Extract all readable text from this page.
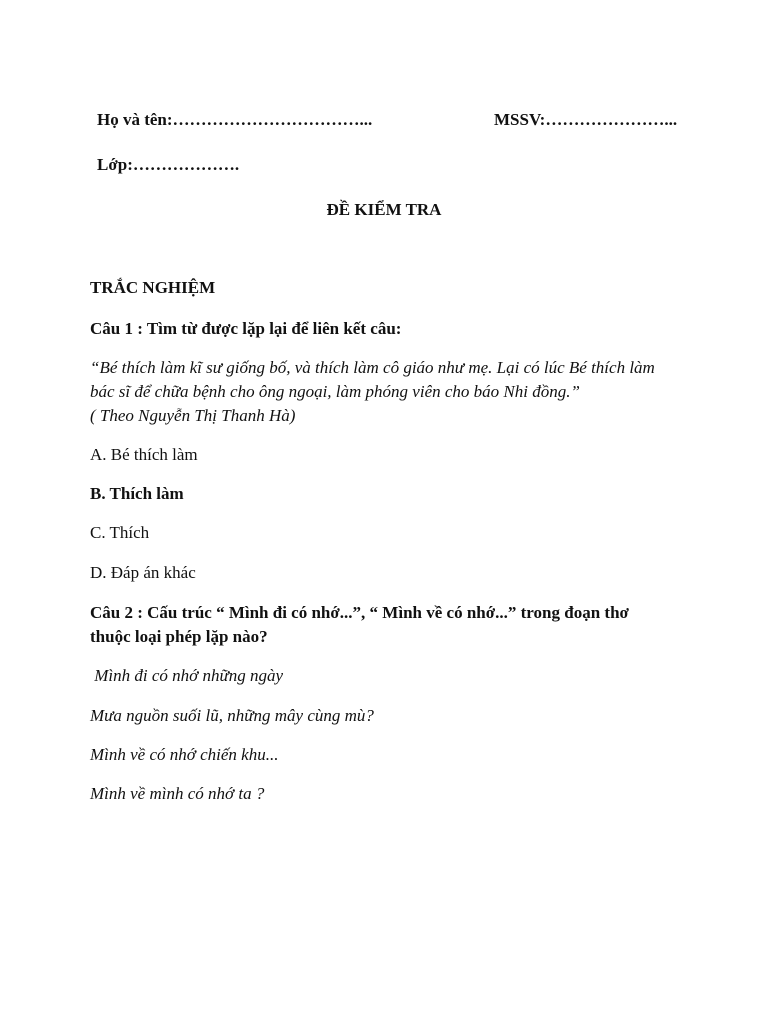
Họ và tên:……………………………...	MSSV:…………………...
Lớp:……………….
ĐỀ KIỂM TRA
TRẮC NGHIỆM
Câu 1 : Tìm từ được lặp lại để liên kết câu:
“Bé thích làm kĩ sư giống bố, và thích làm cô giáo như mẹ. Lại có lúc Bé thích làm
bác sĩ để chữa bệnh cho ông ngoại, làm phóng viên cho báo Nhi đồng.”
( Theo Nguyễn Thị Thanh Hà)
A. Bé thích làm
B. Thích làm
C. Thích
D. Đáp án khác
Câu 2 : Cấu trúc “ Mình đi có nhớ...”, “ Mình về có nhớ...” trong đoạn thơ
thuộc loại phép lặp nào?
Mình đi có nhớ những ngày
Mưa nguồn suối lũ, những mây cùng mù?
Mình về có nhớ chiến khu...
Mình về mình có nhớ ta ?
